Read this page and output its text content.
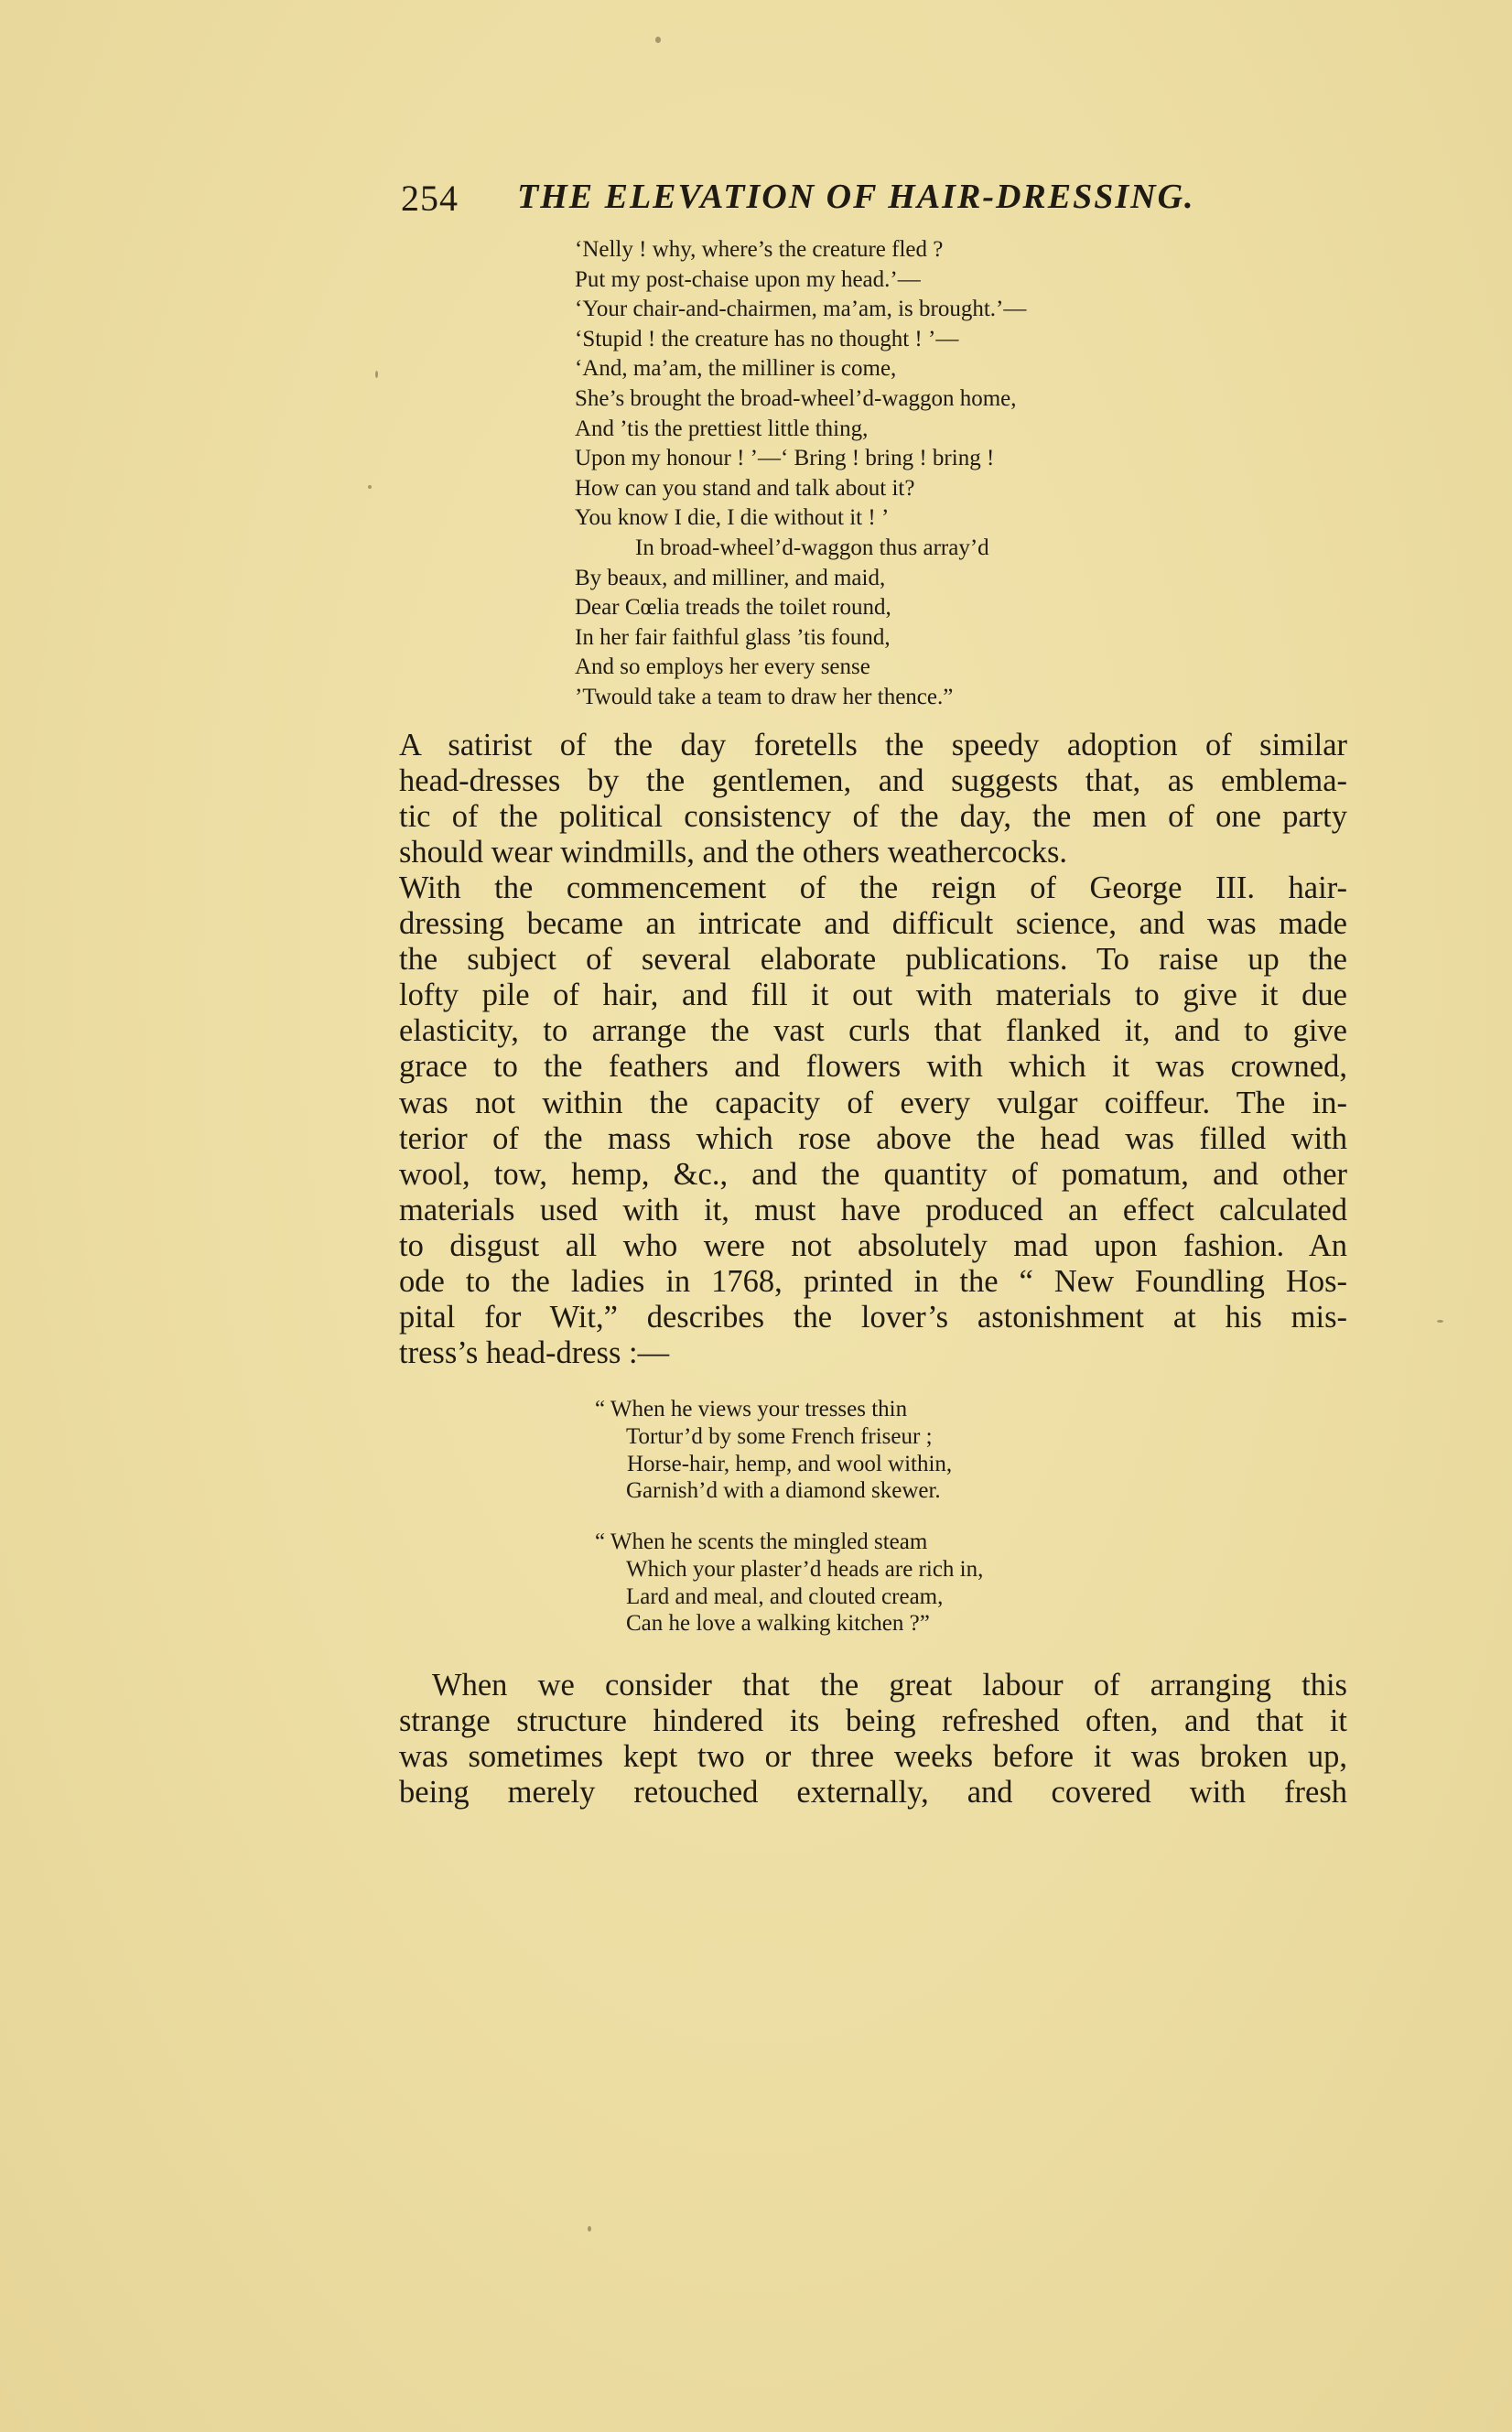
254 THE ELEVATION OF HAIR-DRESSING.
‘Nelly ! why, where’s the creature fled ?
Put my post-chaise upon my head.’—
‘Your chair-and-chairmen, ma’am, is brought.’—
‘Stupid ! the creature has no thought ! ’—
‘And, ma’am, the milliner is come,
She’s brought the broad-wheel’d-waggon home,
And ’tis the prettiest little thing,
Upon my honour ! ’—‘ Bring ! bring ! bring !
How can you stand and talk about it?
You know I die, I die without it ! ’
In broad-wheel’d-waggon thus array’d
By beaux, and milliner, and maid,
Dear Cœlia treads the toilet round,
In her fair faithful glass ’tis found,
And so employs her every sense
’Twould take a team to draw her thence.”
A satirist of the day foretells the speedy adoption of similar
head-dresses by the gentlemen, and suggests that, as emblema-
tic of the political consistency of the day, the men of one party
should wear windmills, and the others weathercocks.
With the commencement of the reign of George III. hair-
dressing became an intricate and difficult science, and was made
the subject of several elaborate publications. To raise up the
lofty pile of hair, and fill it out with materials to give it due
elasticity, to arrange the vast curls that flanked it, and to give
grace to the feathers and flowers with which it was crowned,
was not within the capacity of every vulgar coiffeur. The in-
terior of the mass which rose above the head was filled with
wool, tow, hemp, &c., and the quantity of pomatum, and other
materials used with it, must have produced an effect calculated
to disgust all who were not absolutely mad upon fashion. An
ode to the ladies in 1768, printed in the “ New Foundling Hos-
pital for Wit,” describes the lover’s astonishment at his mis-
tress’s head-dress :—
“ When he views your tresses thin
Tortur’d by some French friseur ;
Horse-hair, hemp, and wool within,
Garnish’d with a diamond skewer.
“ When he scents the mingled steam
Which your plaster’d heads are rich in,
Lard and meal, and clouted cream,
Can he love a walking kitchen ?”
When we consider that the great labour of arranging this
strange structure hindered its being refreshed often, and that it
was sometimes kept two or three weeks before it was broken up,
being merely retouched externally, and covered with fresh
